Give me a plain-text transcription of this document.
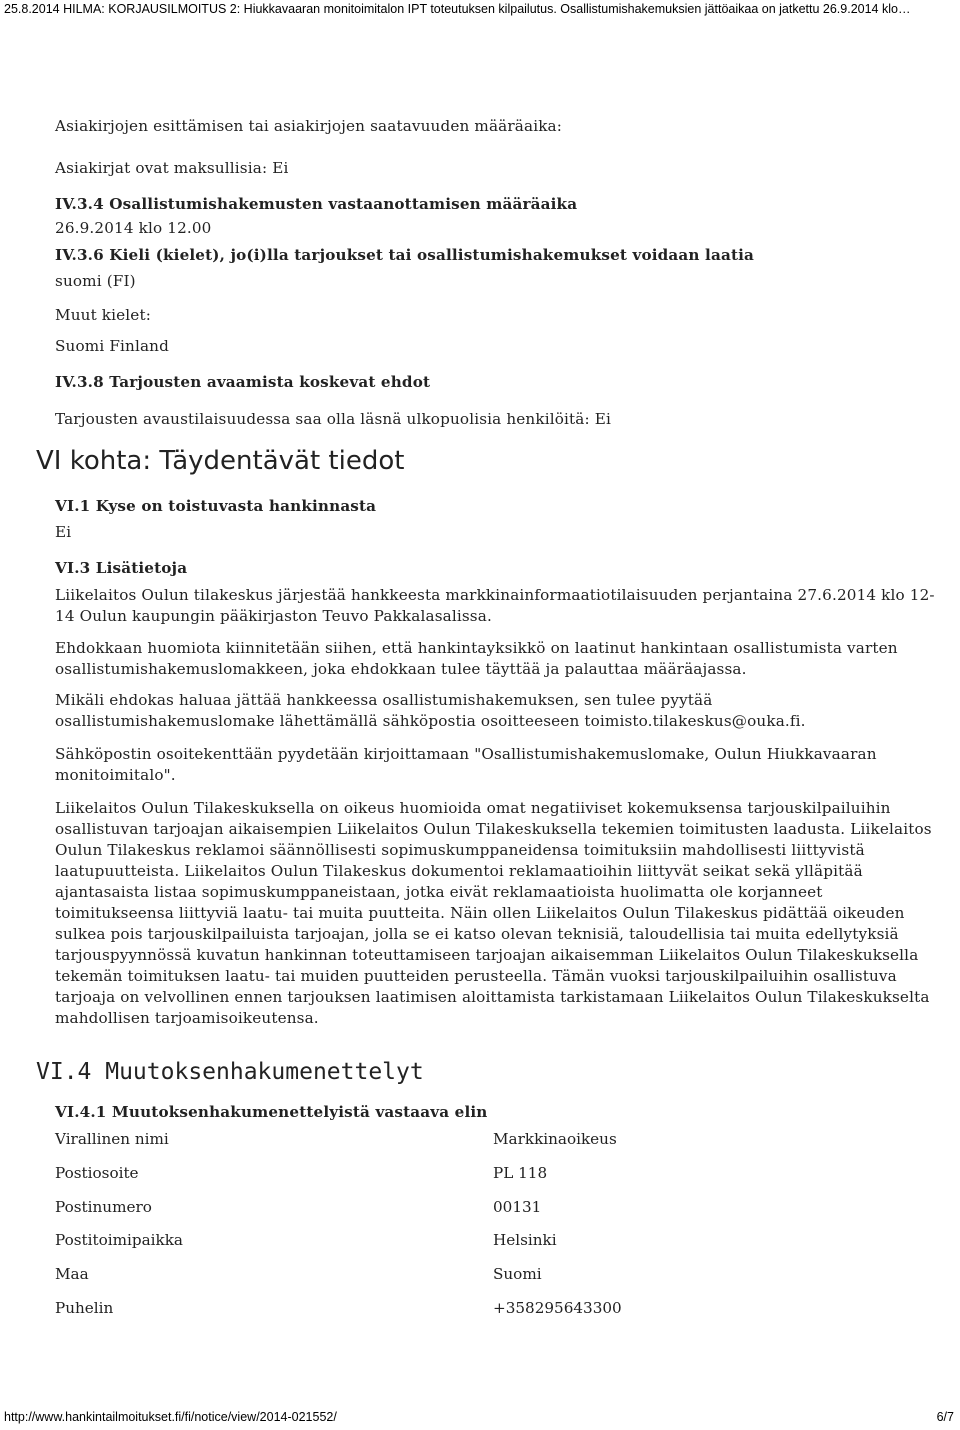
25.8.2014 HILMA: KORJAUSILMOITUS 2: Hiukkavaaran monitoimitalon IPT toteutuksen kilpailutus. Osallistumishakemuksien jättöaikaa on jatkettu 26.9.2014 klo…
Asiakirjojen esittämisen tai asiakirjojen saatavuuden määräaika:
Asiakirjat ovat maksullisia: Ei
IV.3.4 Osallistumishakemusten vastaanottamisen määräaika
26.9.2014 klo 12.00
IV.3.6 Kieli (kielet), jo(i)lla tarjoukset tai osallistumishakemukset voidaan laatia
suomi (FI)
Muut kielet:
Suomi Finland
IV.3.8 Tarjousten avaamista koskevat ehdot
Tarjousten avaustilaisuudessa saa olla läsnä ulkopuolisia henkilöitä: Ei
VI kohta: Täydentävät tiedot
VI.1 Kyse on toistuvasta hankinnasta
Ei
VI.3 Lisätietoja
Liikelaitos Oulun tilakeskus järjestää hankkeesta markkinainformaatiotilaisuuden perjantaina 27.6.2014 klo 12-14 Oulun kaupungin pääkirjaston Teuvo Pakkalasalissa.
Ehdokkaan huomiota kiinnitetään siihen, että hankintayksikkö on laatinut hankintaan osallistumista varten osallistumishakemuslomakkeen, joka ehdokkaan tulee täyttää ja palauttaa määräajassa.
Mikäli ehdokas haluaa jättää hankkeessa osallistumishakemuksen, sen tulee pyytää osallistumishakemuslomake lähettämällä sähköpostia osoitteeseen toimisto.tilakeskus@ouka.fi.
Sähköpostin osoitekenttään pyydetään kirjoittamaan "Osallistumishakemuslomake, Oulun Hiukkavaaran monitoimitalo".
Liikelaitos Oulun Tilakeskuksella on oikeus huomioida omat negatiiviset kokemuksensa tarjouskilpailuihin osallistuvan tarjoajan aikaisempien Liikelaitos Oulun Tilakeskuksella tekemien toimitusten laadusta. Liikelaitos Oulun Tilakeskus reklamoi säännöllisesti sopimuskumppaneidensa toimituksiin mahdollisesti liittyvistä laatupuutteista. Liikelaitos Oulun Tilakeskus dokumentoi reklamaatioihin liittyvät seikat sekä ylläpitää ajantasaista listaa sopimuskumppaneistaan, jotka eivät reklamaatioista huolimatta ole korjanneet toimitukseensa liittyviä laatu- tai muita puutteita. Näin ollen Liikelaitos Oulun Tilakeskus pidättää oikeuden sulkea pois tarjouskilpailuista tarjoajan, jolla se ei katso olevan teknisiä, taloudellisia tai muita edellytyksiä tarjouspyynnössä kuvatun hankinnan toteuttamiseen tarjoajan aikaisemman Liikelaitos Oulun Tilakeskuksella tekemän toimituksen laatu- tai muiden puutteiden perusteella. Tämän vuoksi tarjouskilpailuihin osallistuva tarjoaja on velvollinen ennen tarjouksen laatimisen aloittamista tarkistamaan Liikelaitos Oulun Tilakeskukselta mahdollisen tarjoamisoikeutensa.
VI.4 Muutoksenhakumenettelyt
VI.4.1 Muutoksenhakumenettelyistä vastaava elin
Virallinen nimi	Markkinaoikeus
Postiosoite	PL 118
Postinumero	00131
Postitoimipaikka	Helsinki
Maa	Suomi
Puhelin	+358295643300
http://www.hankintailmoitukset.fi/fi/notice/view/2014-021552/	6/7
